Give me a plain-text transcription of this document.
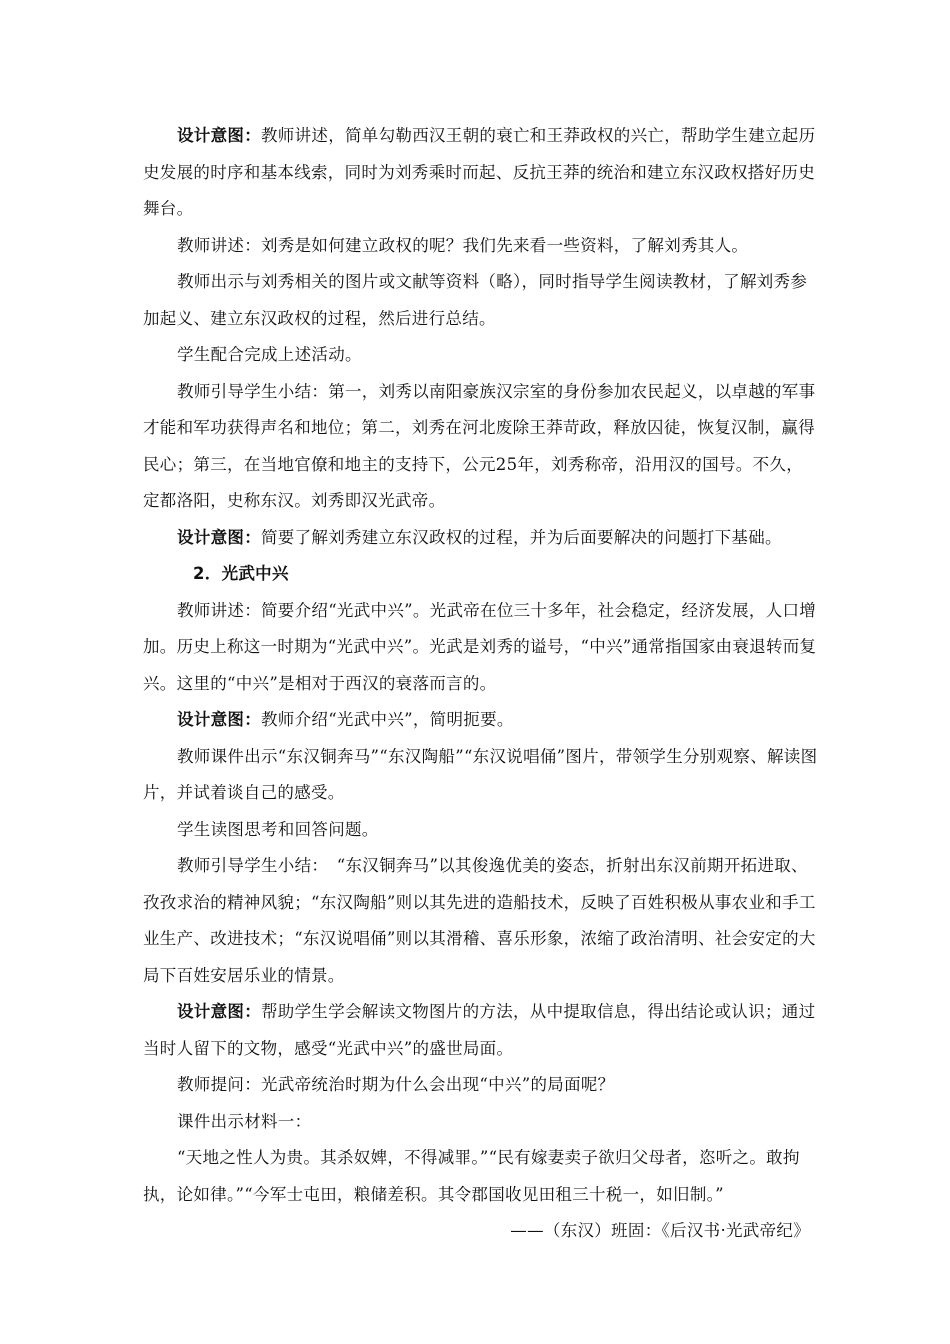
设计意图：教师讲述，简单勾勒西汉王朝的衰亡和王莽政权的兴亡，帮助学生建立起历史发展的时序和基本线索，同时为刘秀乘时而起、反抗王莽的统治和建立东汉政权搭好历史舞台。

教师讲述：刘秀是如何建立政权的呢？我们先来看一些资料，了解刘秀其人。

教师出示与刘秀相关的图片或文献等资料（略），同时指导学生阅读教材，了解刘秀参加起义、建立东汉政权的过程，然后进行总结。

学生配合完成上述活动。

教师引导学生小结：第一，刘秀以南阳豪族汉宗室的身份参加农民起义，以卓越的军事才能和军功获得声名和地位；第二，刘秀在河北废除王莽苛政，释放囚徒，恢复汉制，赢得民心；第三，在当地官僚和地主的支持下，公元25年，刘秀称帝，沿用汉的国号。不久，定都洛阳，史称东汉。刘秀即汉光武帝。

设计意图：简要了解刘秀建立东汉政权的过程，并为后面要解决的问题打下基础。

2．光武中兴

教师讲述：简要介绍“光武中兴”。光武帝在位三十多年，社会稳定，经济发展，人口增加。历史上称这一时期为“光武中兴”。光武是刘秀的谥号，“中兴”通常指国家由衰退转而复兴。这里的“中兴”是相对于西汉的衰落而言的。

设计意图：教师介绍“光武中兴”，简明扼要。

教师课件出示“东汉铜奔马”“东汉陶船”“东汉说唱俑”图片，带领学生分别观察、解读图片，并试着谈自己的感受。

学生读图思考和回答问题。

教师引导学生小结：　“东汉铜奔马”以其俊逸优美的姿态，折射出东汉前期开拓进取、孜孜求治的精神风貌；“东汉陶船”则以其先进的造船技术，反映了百姓积极从事农业和手工业生产、改进技术；“东汉说唱俑”则以其滑稽、喜乐形象，浓缩了政治清明、社会安定的大局下百姓安居乐业的情景。

设计意图：帮助学生学会解读文物图片的方法，从中提取信息，得出结论或认识；通过当时人留下的文物，感受“光武中兴”的盛世局面。

教师提问：光武帝统治时期为什么会出现“中兴”的局面呢？

课件出示材料一：

“天地之性人为贵。其杀奴婢，不得减罪。”“民有嫁妻卖子欲归父母者，恣听之。敢拘执，论如律。”“今军士屯田，粮储差积。其令郡国收见田租三十税一，如旧制。”

——（东汉）班固：《后汉书·光武帝纪》
